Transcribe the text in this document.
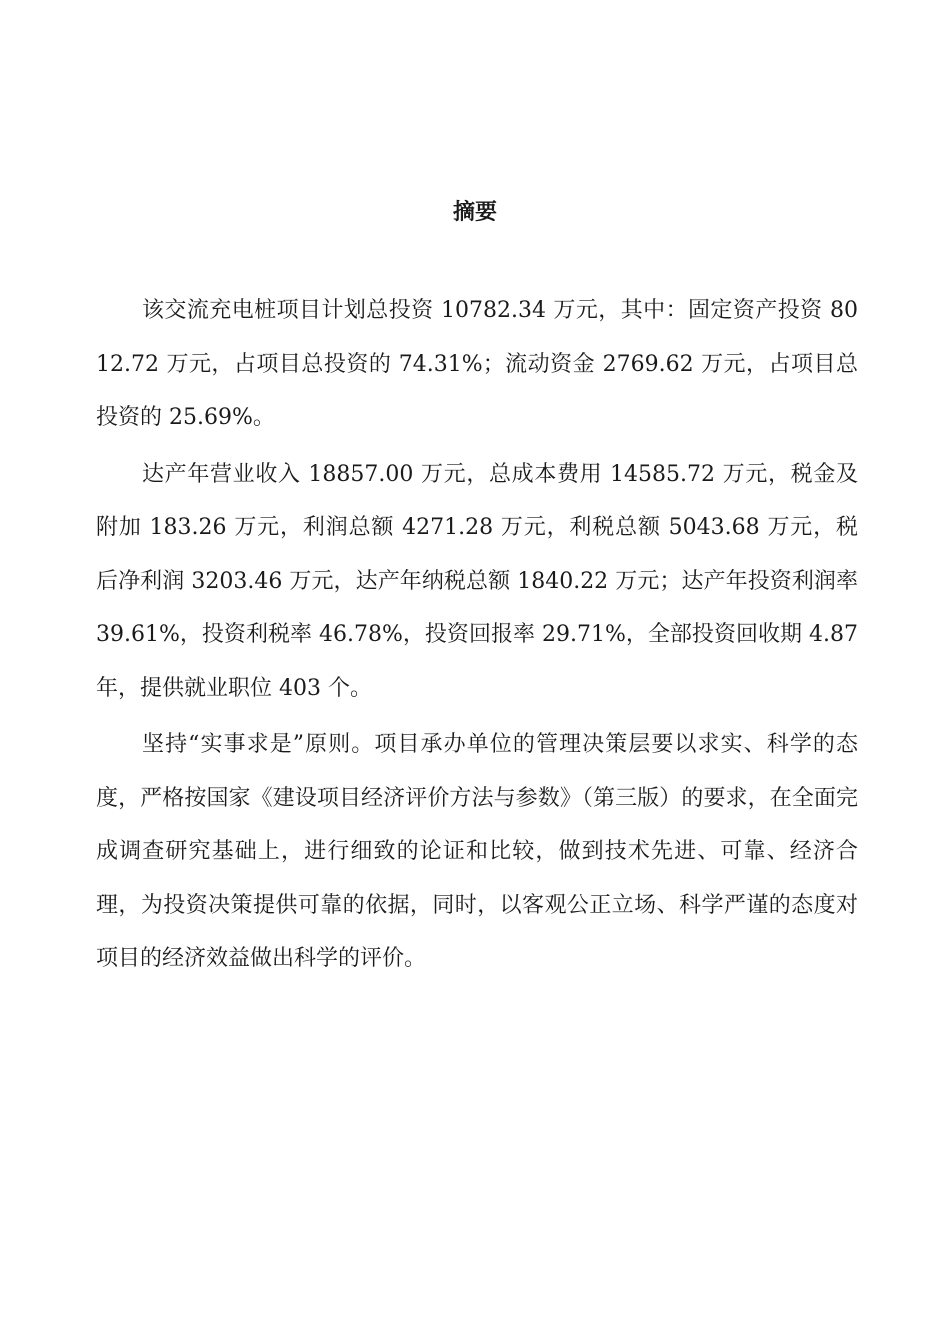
摘要

该交流充电桩项目计划总投资 10782.34 万元，其中：固定资产投资 8012.72 万元，占项目总投资的 74.31%；流动资金 2769.62 万元，占项目总投资的 25.69%。

达产年营业收入 18857.00 万元，总成本费用 14585.72 万元，税金及附加 183.26 万元，利润总额 4271.28 万元，利税总额 5043.68 万元，税后净利润 3203.46 万元，达产年纳税总额 1840.22 万元；达产年投资利润率 39.61%，投资利税率 46.78%，投资回报率 29.71%，全部投资回收期 4.87 年，提供就业职位 403 个。

坚持“实事求是”原则。项目承办单位的管理决策层要以求实、科学的态度，严格按国家《建设项目经济评价方法与参数》（第三版）的要求，在全面完成调查研究基础上，进行细致的论证和比较，做到技术先进、可靠、经济合理，为投资决策提供可靠的依据，同时，以客观公正立场、科学严谨的态度对项目的经济效益做出科学的评价。
